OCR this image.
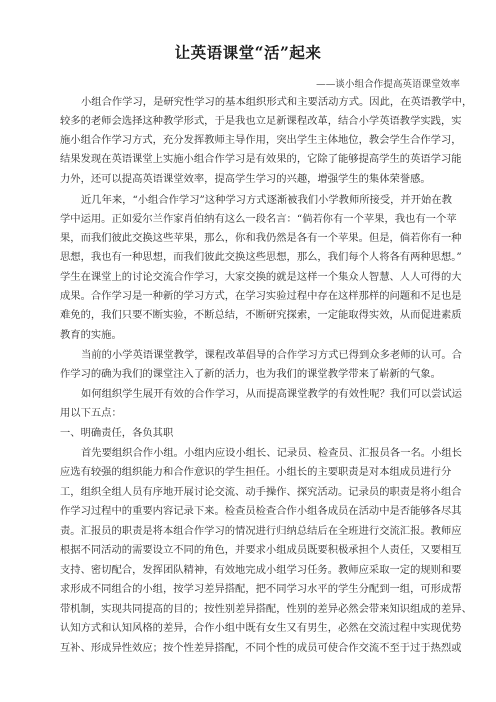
让英语课堂“活”起来
——谈小组合作提高英语课堂效率
小组合作学习，是研究性学习的基本组织形式和主要活动方式。因此，在英语教学中，
较多的老师会选择这种教学形式，于是我也立足新课程改革，结合小学英语教学实践，实
施小组合作学习方式，充分发挥教师主导作用，突出学生主体地位，教会学生合作学习，
结果发现在英语课堂上实施小组合作学习是有效果的，它除了能够提高学生的英语学习能
力外，还可以提高英语课堂效率，提高学生学习的兴趣，增强学生的集体荣誉感。
近几年来，“小组合作学习”这种学习方式逐渐被我们小学教师所接受，并开始在教
学中运用。正如爱尔兰作家肖伯纳有这么一段名言：“倘若你有一个苹果，我也有一个苹
果，而我们彼此交换这些苹果，那么，你和我仍然是各有一个苹果。但是，倘若你有一种
思想，我也有一种思想，而我们彼此交换这些思想，那么，我们每个人将各有两种思想。”
学生在课堂上的讨论交流合作学习，大家交换的就是这样一个集众人智慧、人人可得的大
成果。合作学习是一种新的学习方式，在学习实验过程中存在这样那样的问题和不足也是
难免的，我们只要不断实验，不断总结，不断研究探索，一定能取得实效，从而促进素质
教育的实施。
当前的小学英语课堂教学，课程改革倡导的合作学习方式已得到众多老师的认可。合
作学习的确为我们的课堂注入了新的活力，也为我们的课堂教学带来了崭新的气象。
如何组织学生展开有效的合作学习，从而提高课堂教学的有效性呢？我们可以尝试运
用以下五点：
一、明确责任，各负其职
首先要组织合作小组。小组内应设小组长、记录员、检查员、汇报员各一名。小组长
应选有较强的组织能力和合作意识的学生担任。小组长的主要职责是对本组成员进行分
工，组织全组人员有序地开展讨论交流、动手操作、探究活动。记录员的职责是将小组合
作学习过程中的重要内容记录下来。检查员检查合作小组各成员在活动中是否能够各尽其
责。汇报员的职责是将本组合作学习的情况进行归纳总结后在全班进行交流汇报。教师应
根据不同活动的需要设立不同的角色，并要求小组成员既要积极承担个人责任，又要相互
支持、密切配合，发挥团队精神，有效地完成小组学习任务。教师应采取一定的规则和要
求形成不同组合的小组，按学习差异搭配，把不同学习水平的学生分配到一组，可形成帮
带机制，实现共同提高的目的；按性别差异搭配，性别的差异必然会带来知识组成的差异、
认知方式和认知风格的差异，合作小组中既有女生又有男生，必然在交流过程中实现优势
互补、形成异性效应；按个性差异搭配，不同个性的成员可使合作交流不至于过于热烈或
